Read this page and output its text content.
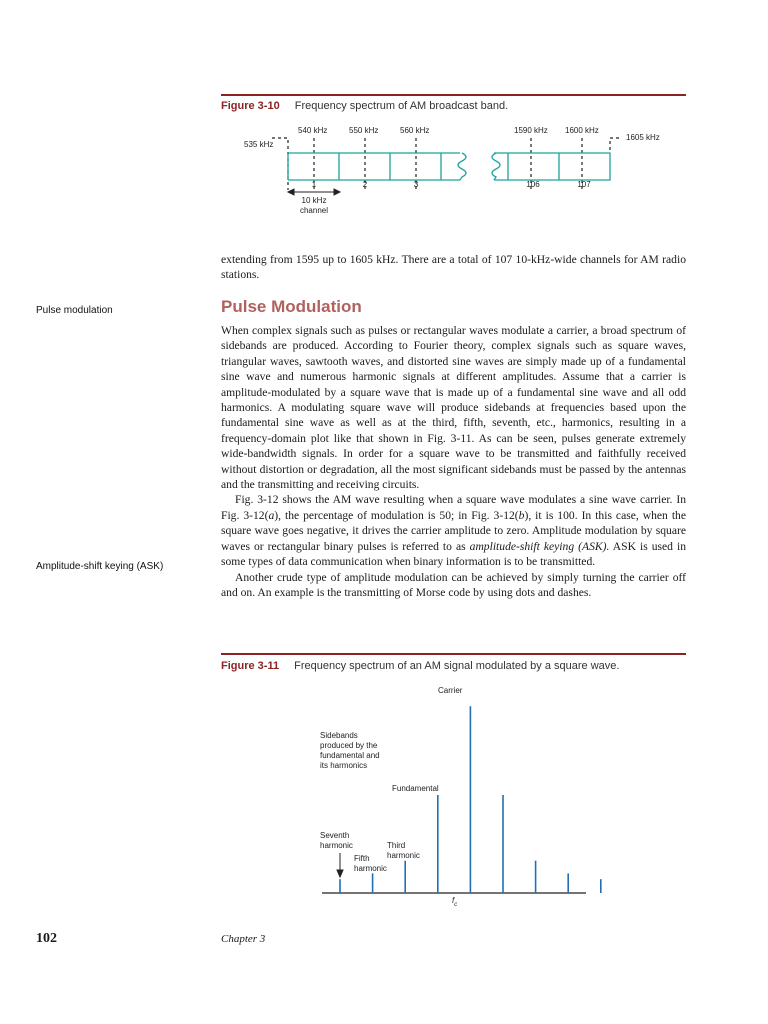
Figure 3-10 Frequency spectrum of AM broadcast band.
535 kHz
540 kHz	550 kHz	560 kHz	1590 kHz 1600 kHz
1605 kHz
1	2	3	106	107
10 kHz
channel

extending from 1595 up to 1605 kHz. There are a total of 107 10-kHz-wide channels for AM radio stations.

Pulse modulation
Amplitude-shift keying (ASK)
Pulse Modulation
When complex signals such as pulses or rectangular waves modulate a carrier, a broad spectrum of sidebands are produced. According to Fourier theory, complex signals such as square waves, triangular waves, sawtooth waves, and distorted sine waves are simply made up of a fundamental sine wave and numerous harmonic signals at different amplitudes. Assume that a carrier is amplitude-modulated by a square wave that is made up of a fundamental sine wave and all odd harmonics. A modulating square wave will produce sidebands at frequencies based upon the fundamental sine wave as well as at the third, fifth, seventh, etc., harmonics, resulting in a frequency-domain plot like that shown in Fig. 3-11. As can be seen, pulses generate extremely wide-bandwidth signals. In order for a square wave to be transmitted and faithfully received without distortion or degradation, all the most significant sidebands must be passed by the antennas and the transmitting and receiving circuits.
Fig. 3-12 shows the AM wave resulting when a square wave modulates a sine wave carrier. In Fig. 3-12(a), the percentage of modulation is 50; in Fig. 3-12(b), it is 100. In this case, when the square wave goes negative, it drives the carrier amplitude to zero. Amplitude modulation by square waves or rectangular binary pulses is referred to as amplitude-shift keying (ASK). ASK is used in some types of data communication when binary information is to be transmitted.
Another crude type of amplitude modulation can be achieved by simply turning the carrier off and on. An example is the transmitting of Morse code by using dots and dashes.
Figure 3-11 Frequency spectrum of an AM signal modulated by a square wave.
Carrier
Sidebands
produced by the
fundamental and
its harmonics
Fundamental
Seventh
harmonic	Third
harmonic
Fifth
harmonic
$f_c$
102	Chapter 3
